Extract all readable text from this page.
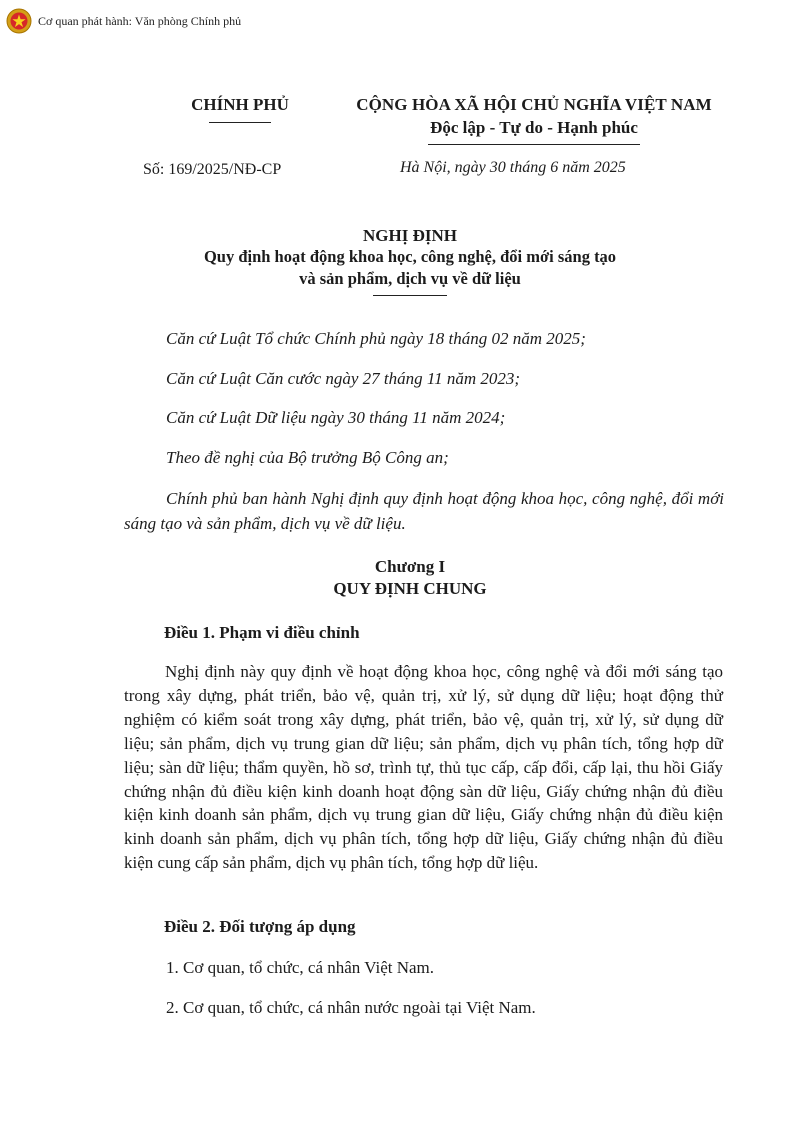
Cơ quan phát hành: Văn phòng Chính phủ
CHÍNH PHỦ	CỘNG HÒA XÃ HỘI CHỦ NGHĨA VIỆT NAM
Độc lập - Tự do - Hạnh phúc
Số: 169/2025/NĐ-CP	Hà Nội, ngày 30 tháng 6 năm 2025
NGHỊ ĐỊNH
Quy định hoạt động khoa học, công nghệ, đổi mới sáng tạo
và sản phẩm, dịch vụ về dữ liệu
Căn cứ Luật Tổ chức Chính phủ ngày 18 tháng 02 năm 2025;
Căn cứ Luật Căn cước ngày 27 tháng 11 năm 2023;
Căn cứ Luật Dữ liệu ngày 30 tháng 11 năm 2024;
Theo đề nghị của Bộ trưởng Bộ Công an;
Chính phủ ban hành Nghị định quy định hoạt động khoa học, công nghệ, đổi mới sáng tạo và sản phẩm, dịch vụ về dữ liệu.
Chương I
QUY ĐỊNH CHUNG
Điều 1. Phạm vi điều chỉnh
Nghị định này quy định về hoạt động khoa học, công nghệ và đổi mới sáng tạo trong xây dựng, phát triển, bảo vệ, quản trị, xử lý, sử dụng dữ liệu; hoạt động thử nghiệm có kiểm soát trong xây dựng, phát triển, bảo vệ, quản trị, xử lý, sử dụng dữ liệu; sản phẩm, dịch vụ trung gian dữ liệu; sản phẩm, dịch vụ phân tích, tổng hợp dữ liệu; sàn dữ liệu; thẩm quyền, hồ sơ, trình tự, thủ tục cấp, cấp đổi, cấp lại, thu hồi Giấy chứng nhận đủ điều kiện kinh doanh hoạt động sàn dữ liệu, Giấy chứng nhận đủ điều kiện kinh doanh sản phẩm, dịch vụ trung gian dữ liệu, Giấy chứng nhận đủ điều kiện kinh doanh sản phẩm, dịch vụ phân tích, tổng hợp dữ liệu, Giấy chứng nhận đủ điều kiện cung cấp sản phẩm, dịch vụ phân tích, tổng hợp dữ liệu.
Điều 2. Đối tượng áp dụng
1. Cơ quan, tổ chức, cá nhân Việt Nam.
2. Cơ quan, tổ chức, cá nhân nước ngoài tại Việt Nam.
